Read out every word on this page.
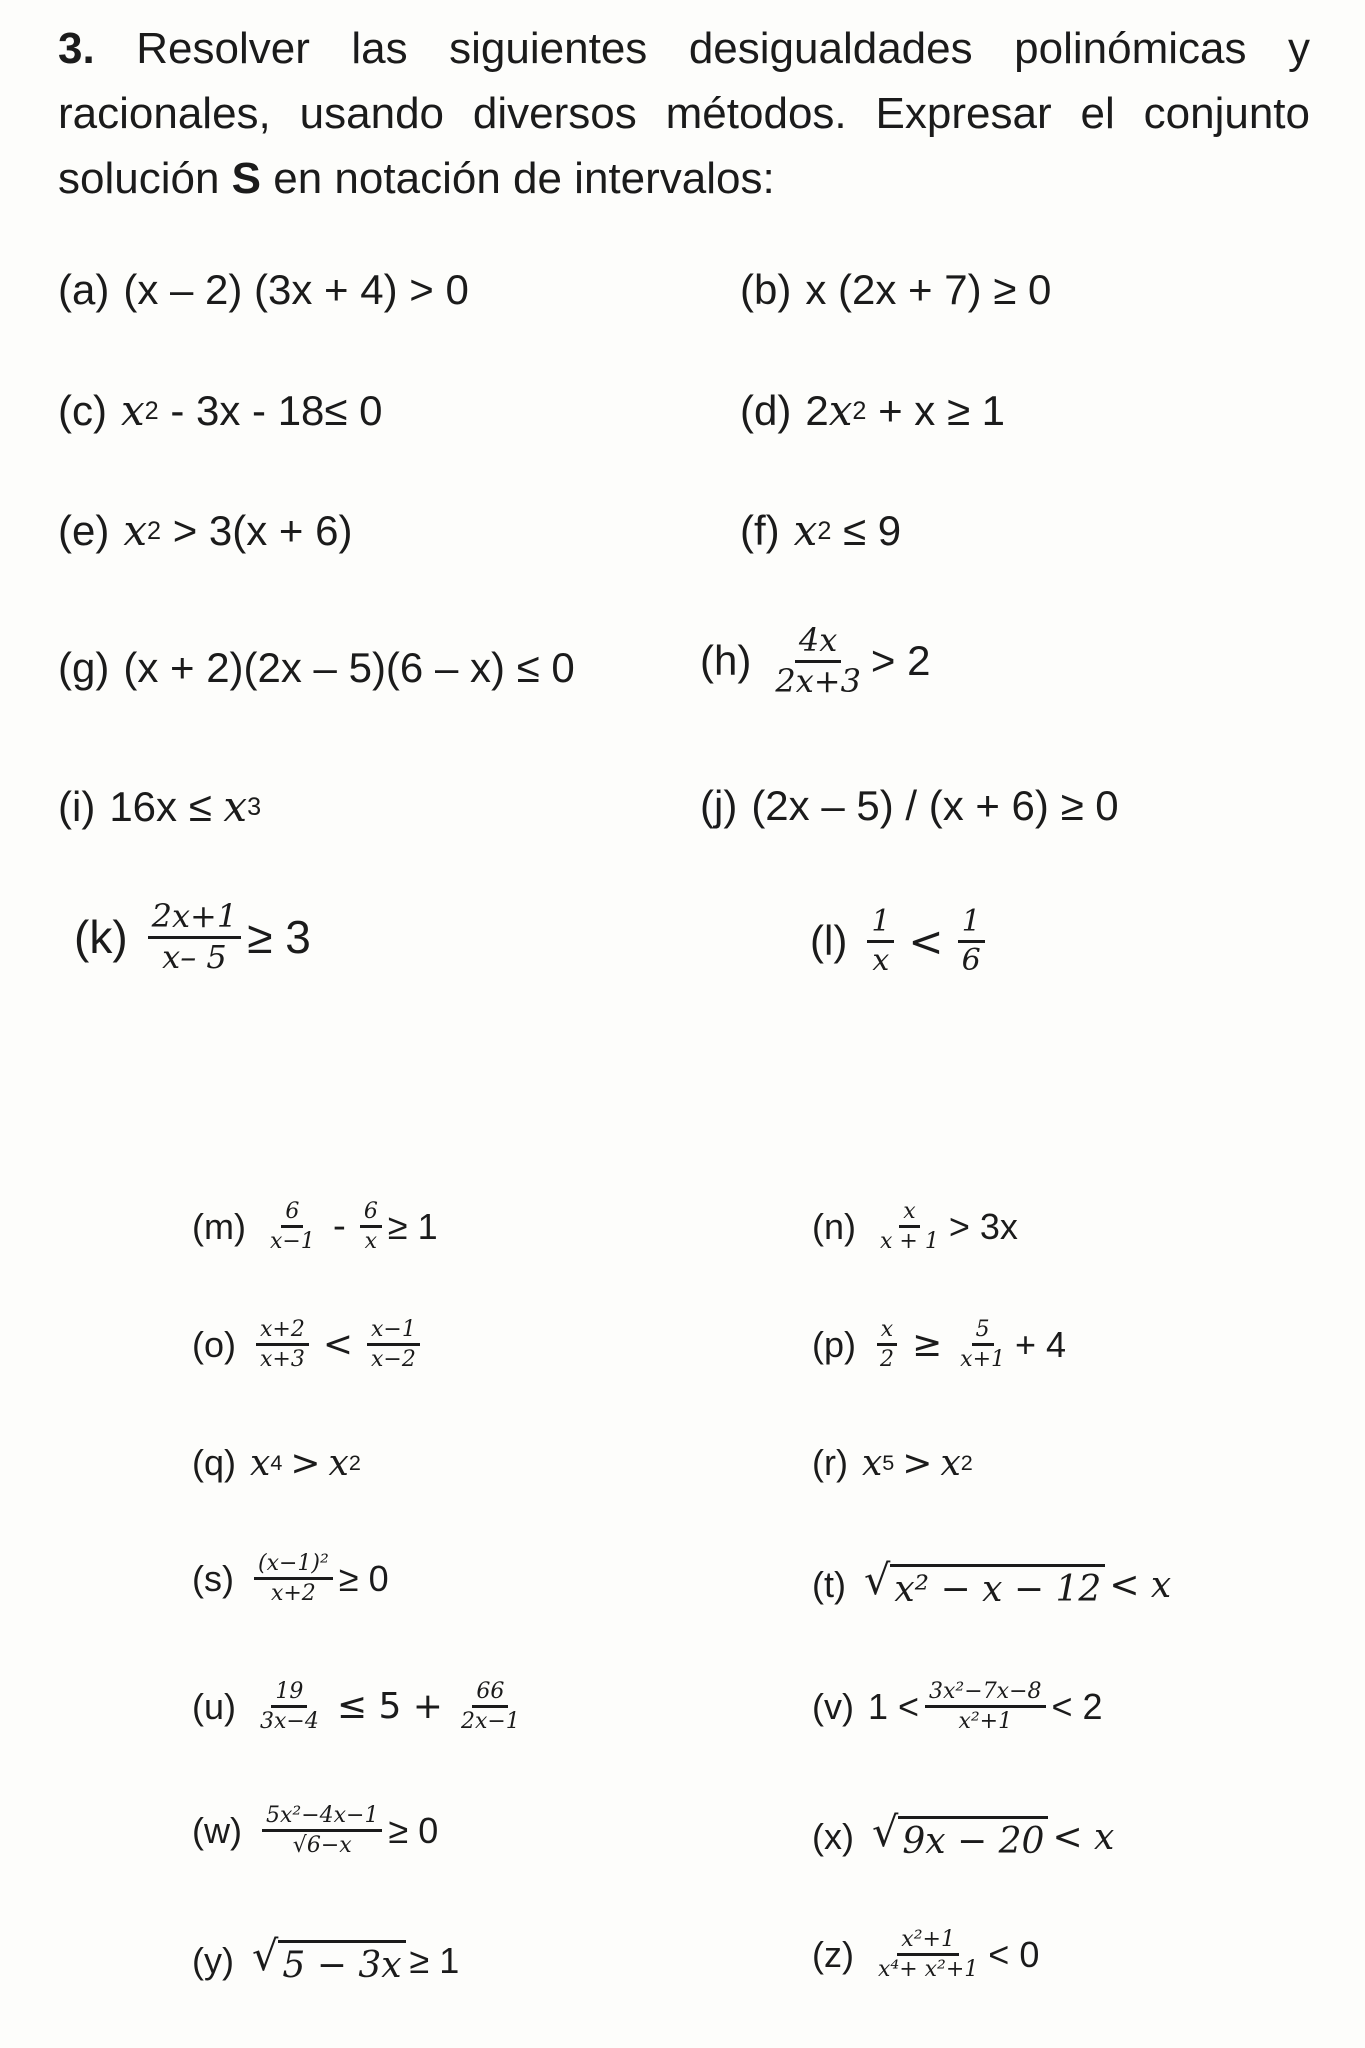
3. Resolver las siguientes desigualdades polinómicas y racionales, usando diversos métodos. Expresar el conjunto solución S en notación de intervalos:
(a) (x – 2) (3x + 4) > 0	(b) x (2x + 7) ≥ 0
(c) x 2 - 3x - 18≤ 0	(d) 2 x 2 + x ≥ 1
(e) x 2 > 3(x + 6)	(f) x 2 ≤ 9
(g) (x + 2)(2x – 5)(6 – x) ≤ 0	$(h) \frac{4x}{2x+3} > 2$
(i) 16x ≤ x 3	(j) (2x – 5) / (x + 6) ≥ 0
$(k) \frac{2x+1}{x- 5} \ge 3$	$(l) \frac{1}{x} < \frac{1}{6}$
$(m) \frac{6}{x-1} - \frac{6}{x} \ge 1$	$(n) \frac{x}{x + 1} > 3x$
$(o) \frac{x+2}{x+3} < \frac{x-1}{x-2}$	$(p) \frac{x}{2} \ge \frac{5}{x+1} + 4$
(q) x 4 > x 2	(r) x 5 > x 2
$(s) \frac{\text{(x−1)²}}{x+2} \ge 0$	(t) √ x² − x − 12 < x
$(u) \frac{19}{3x-4} \le 5 + \frac{66}{2x-1}$	(v) $1 < \frac{\text{3x²−7x−8}}{\text{x²+1}} < 2$
$(w) \frac{\text{5x²−4x−1}}{√6-x} \ge 0$	(x) √ 9x − 20 < x
(y) √ 5 − 3x ≥ 1	$(z) \frac{\text{x²+1}}{\text{x⁴+ x²+1}} < 0$
